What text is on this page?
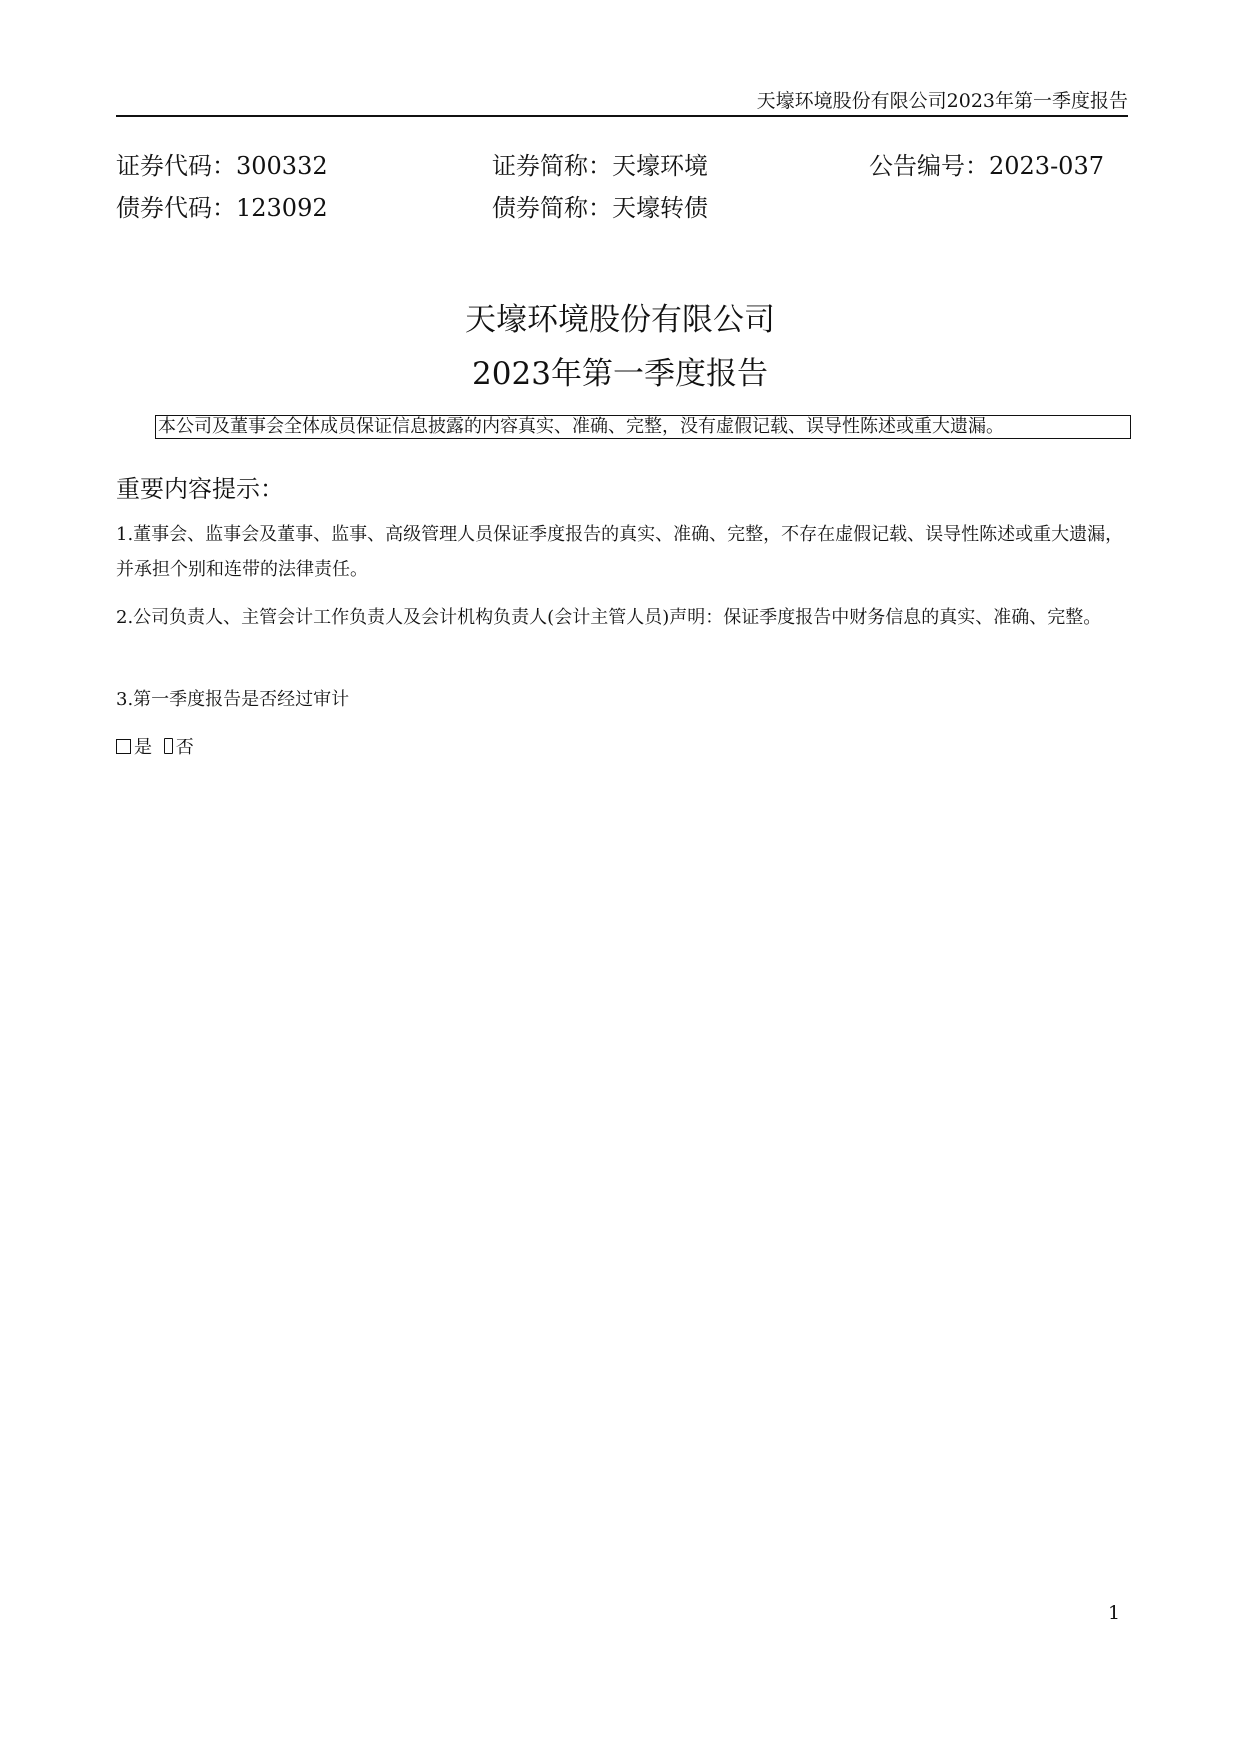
天壕环境股份有限公司2023年第一季度报告
证券代码：300332	证券简称：天壕环境	公告编号：2023-037
债券代码：123092	债券简称：天壕转债
天壕环境股份有限公司
2023年第一季度报告
本公司及董事会全体成员保证信息披露的内容真实、准确、完整，没有虚假记载、误导性陈述或重大遗漏。
重要内容提示：
1.董事会、监事会及董事、监事、高级管理人员保证季度报告的真实、准确、完整，不存在虚假记载、误导性陈述或重大遗漏，并承担个别和连带的法律责任。
2.公司负责人、主管会计工作负责人及会计机构负责人(会计主管人员)声明：保证季度报告中财务信息的真实、准确、完整。
3.第一季度报告是否经过审计
是 否
1
